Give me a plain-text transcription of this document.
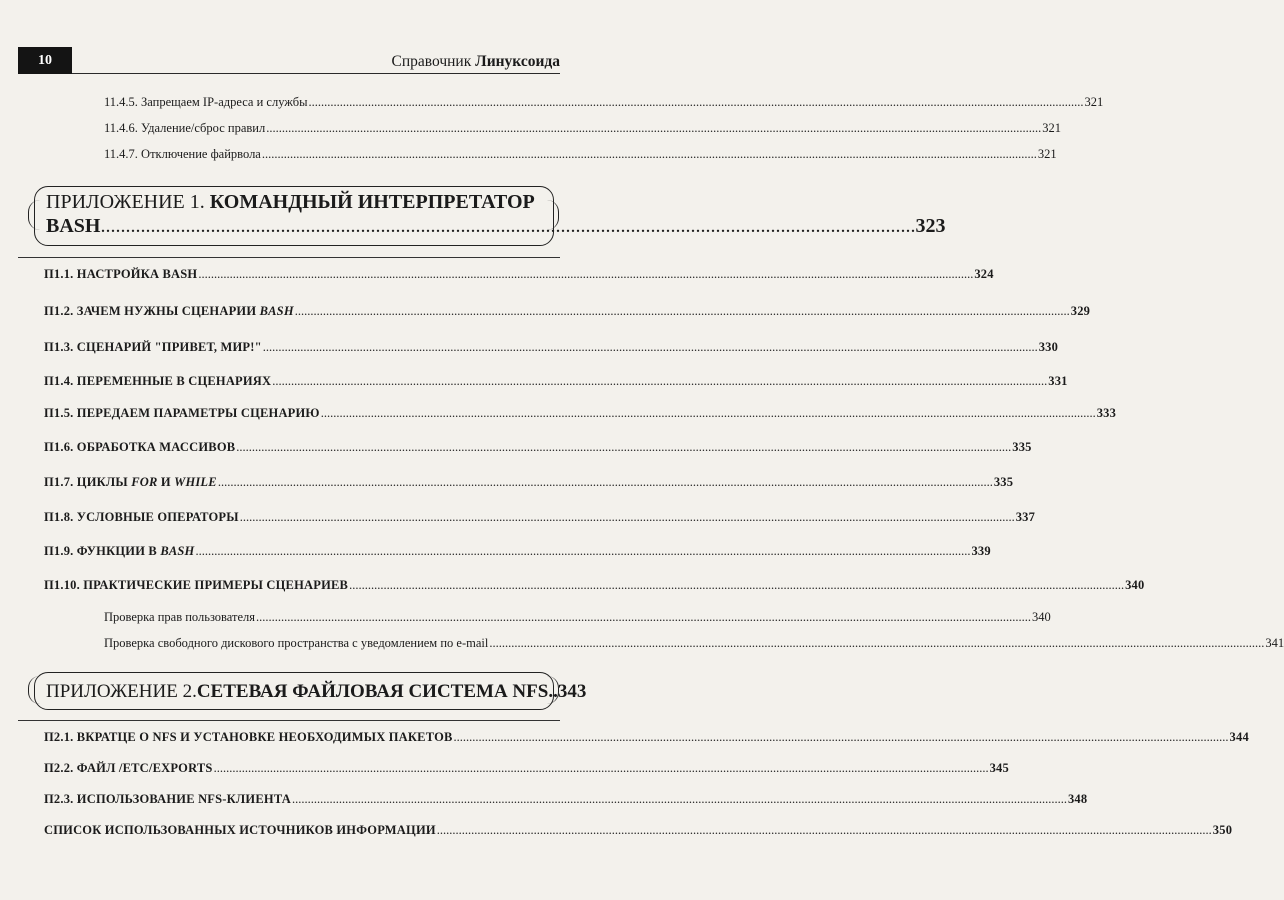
10	Справочник Линуксоида
11.4.5. Запрещаем IP-адреса и службы .....	321
11.4.6. Удаление/сброс правил .....	321
11.4.7. Отключение файрвола .....	321
ПРИЛОЖЕНИЕ 1. КОМАНДНЫЙ ИНТЕРПРЕТАТОР
BASH .....	323
П1.1. НАСТРОЙКА BASH .....	324
П1.2. ЗАЧЕМ НУЖНЫ СЦЕНАРИИ BASH .....	329
П1.3. СЦЕНАРИЙ "ПРИВЕТ, МИР!" .....	330
П1.4. ПЕРЕМЕННЫЕ В СЦЕНАРИЯХ .....	331
П1.5. ПЕРЕДАЕМ ПАРАМЕТРЫ СЦЕНАРИЮ .....	333
П1.6. ОБРАБОТКА МАССИВОВ .....	335
П1.7. ЦИКЛЫ FOR И WHILE .....	335
П1.8. УСЛОВНЫЕ ОПЕРАТОРЫ .....	337
П1.9. ФУНКЦИИ В BASH .....	339
П1.10. ПРАКТИЧЕСКИЕ ПРИМЕРЫ СЦЕНАРИЕВ .....	340
Проверка прав пользователя .....	340
Проверка свободного дискового пространства с уведомлением по e-mail .....	341
ПРИЛОЖЕНИЕ 2. СЕТЕВАЯ ФАЙЛОВАЯ СИСТЕМА NFS .. 343
П2.1. ВКРАТЦЕ О NFS И УСТАНОВКЕ НЕОБХОДИМЫХ ПАКЕТОВ .....	344
П2.2. ФАЙЛ /ETC/EXPORTS .....	345
П2.3. ИСПОЛЬЗОВАНИЕ NFS-КЛИЕНТА .....	348
СПИСОК ИСПОЛЬЗОВАННЫХ ИСТОЧНИКОВ ИНФОРМАЦИИ .....	350
